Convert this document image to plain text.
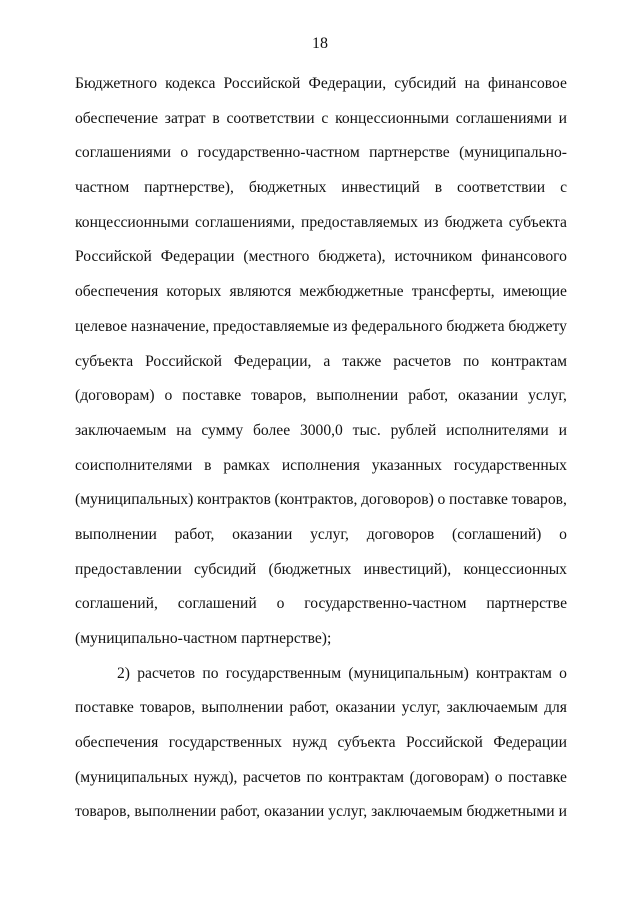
18
Бюджетного кодекса Российской Федерации, субсидий на финансовое
обеспечение затрат в соответствии с концессионными соглашениями и
соглашениями о государственно-частном партнерстве (муниципально-
частном партнерстве), бюджетных инвестиций в соответствии с
концессионными соглашениями, предоставляемых из бюджета субъекта
Российской Федерации (местного бюджета), источником финансового
обеспечения которых являются межбюджетные трансферты, имеющие
целевое назначение, предоставляемые из федерального бюджета бюджету
субъекта Российской Федерации, а также расчетов по контрактам
(договорам) о поставке товаров, выполнении работ, оказании услуг,
заключаемым на сумму более 3000,0 тыс. рублей исполнителями и
соисполнителями в рамках исполнения указанных государственных
(муниципальных) контрактов (контрактов, договоров) о поставке товаров,
выполнении работ, оказании услуг, договоров (соглашений) о
предоставлении субсидий (бюджетных инвестиций), концессионных
соглашений, соглашений о государственно-частном партнерстве
(муниципально-частном партнерстве);
2) расчетов по государственным (муниципальным) контрактам о
поставке товаров, выполнении работ, оказании услуг, заключаемым для
обеспечения государственных нужд субъекта Российской Федерации
(муниципальных нужд), расчетов по контрактам (договорам) о поставке
товаров, выполнении работ, оказании услуг, заключаемым бюджетными и
